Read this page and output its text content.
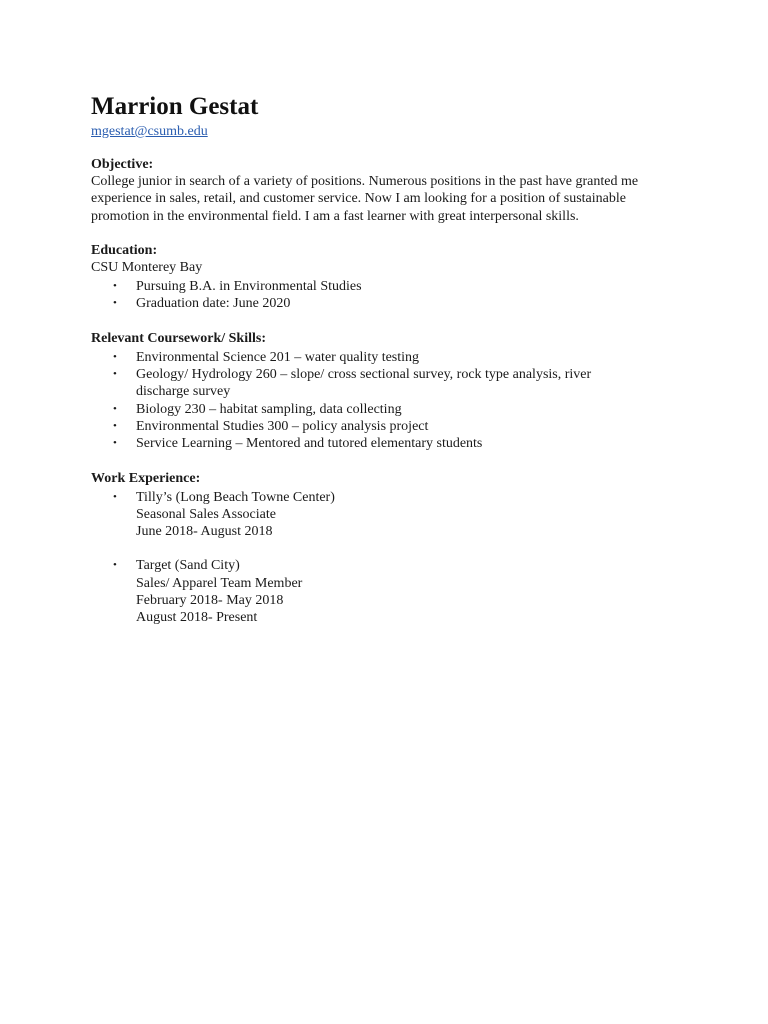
Marrion Gestat
mgestat@csumb.edu

Objective:

College junior in search of a variety of positions. Numerous positions in the past have granted me experience in sales, retail, and customer service. Now I am looking for a position of sustainable promotion in the environmental field. I am a fast learner with great interpersonal skills.

Education:

CSU Monterey Bay

• Pursuing B.A. in Environmental Studies
• Graduation date: June 2020

Relevant Coursework/ Skills:

• Environmental Science 201 – water quality testing
• Geology/ Hydrology 260 – slope/ cross sectional survey, rock type analysis, river discharge survey
• Biology 230 – habitat sampling, data collecting
• Environmental Studies 300 – policy analysis project
• Service Learning – Mentored and tutored elementary students

Work Experience:

• Tilly’s (Long Beach Towne Center)
Seasonal Sales Associate
June 2018- August 2018
• Target (Sand City)
Sales/ Apparel Team Member
February 2018- May 2018
August 2018- Present
